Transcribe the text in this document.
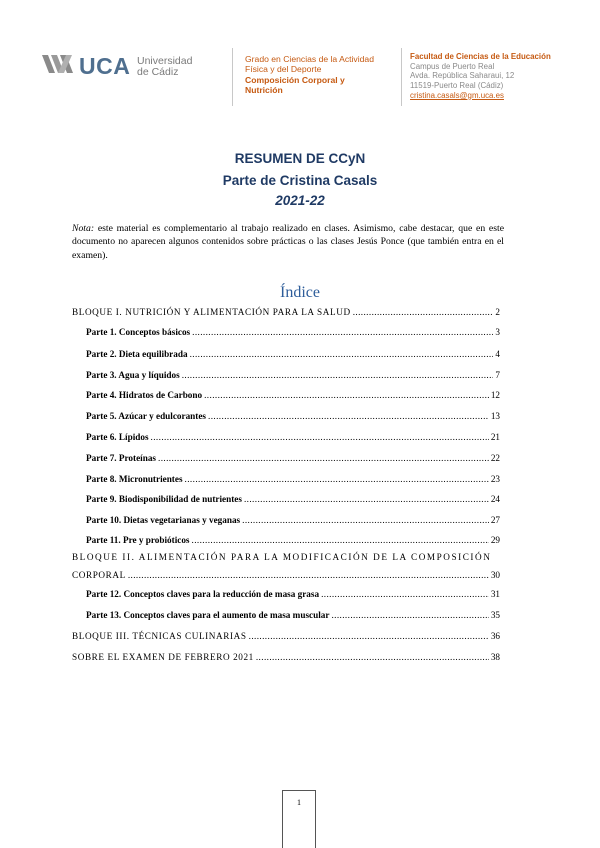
UCA Universidad
de Cádiz
Grado en Ciencias de la Actividad
Física y del Deporte
Composición Corporal y
Nutrición
Facultad de Ciencias de la Educación
Campus de Puerto Real
Avda. República Saharaui, 12
11519-Puerto Real (Cádiz)
cristina.casals@gm.uca.es
RESUMEN DE CCyN
Parte de Cristina Casals
2021-22
Nota: este material es complementario al trabajo realizado en clases. Asimismo, cabe destacar, que en este documento no aparecen algunos contenidos sobre prácticas o las clases Jesús Ponce (que también entra en el examen).
Índice
BLOQUE I. NUTRICIÓN Y ALIMENTACIÓN PARA LA SALUD .....	2
Parte 1. Conceptos básicos .....	3
Parte 2. Dieta equilibrada .....	4
Parte 3. Agua y líquidos .....	7
Parte 4. Hidratos de Carbono .....	12
Parte 5. Azúcar y edulcorantes .....	13
Parte 6. Lípidos .....	21
Parte 7. Proteínas .....	22
Parte 8. Micronutrientes .....	23
Parte 9. Biodisponibilidad de nutrientes .....	24
Parte 10. Dietas vegetarianas y veganas .....	27
Parte 11. Pre y probióticos .....	29
BLOQUE II. ALIMENTACIÓN PARA LA MODIFICACIÓN DE LA COMPOSICIÓN
CORPORAL .....	30
Parte 12. Conceptos claves para la reducción de masa grasa .....	31
Parte 13. Conceptos claves para el aumento de masa muscular .....	35
BLOQUE III. TÉCNICAS CULINARIAS .....	36
SOBRE EL EXAMEN DE FEBRERO 2021 .....	38
1
